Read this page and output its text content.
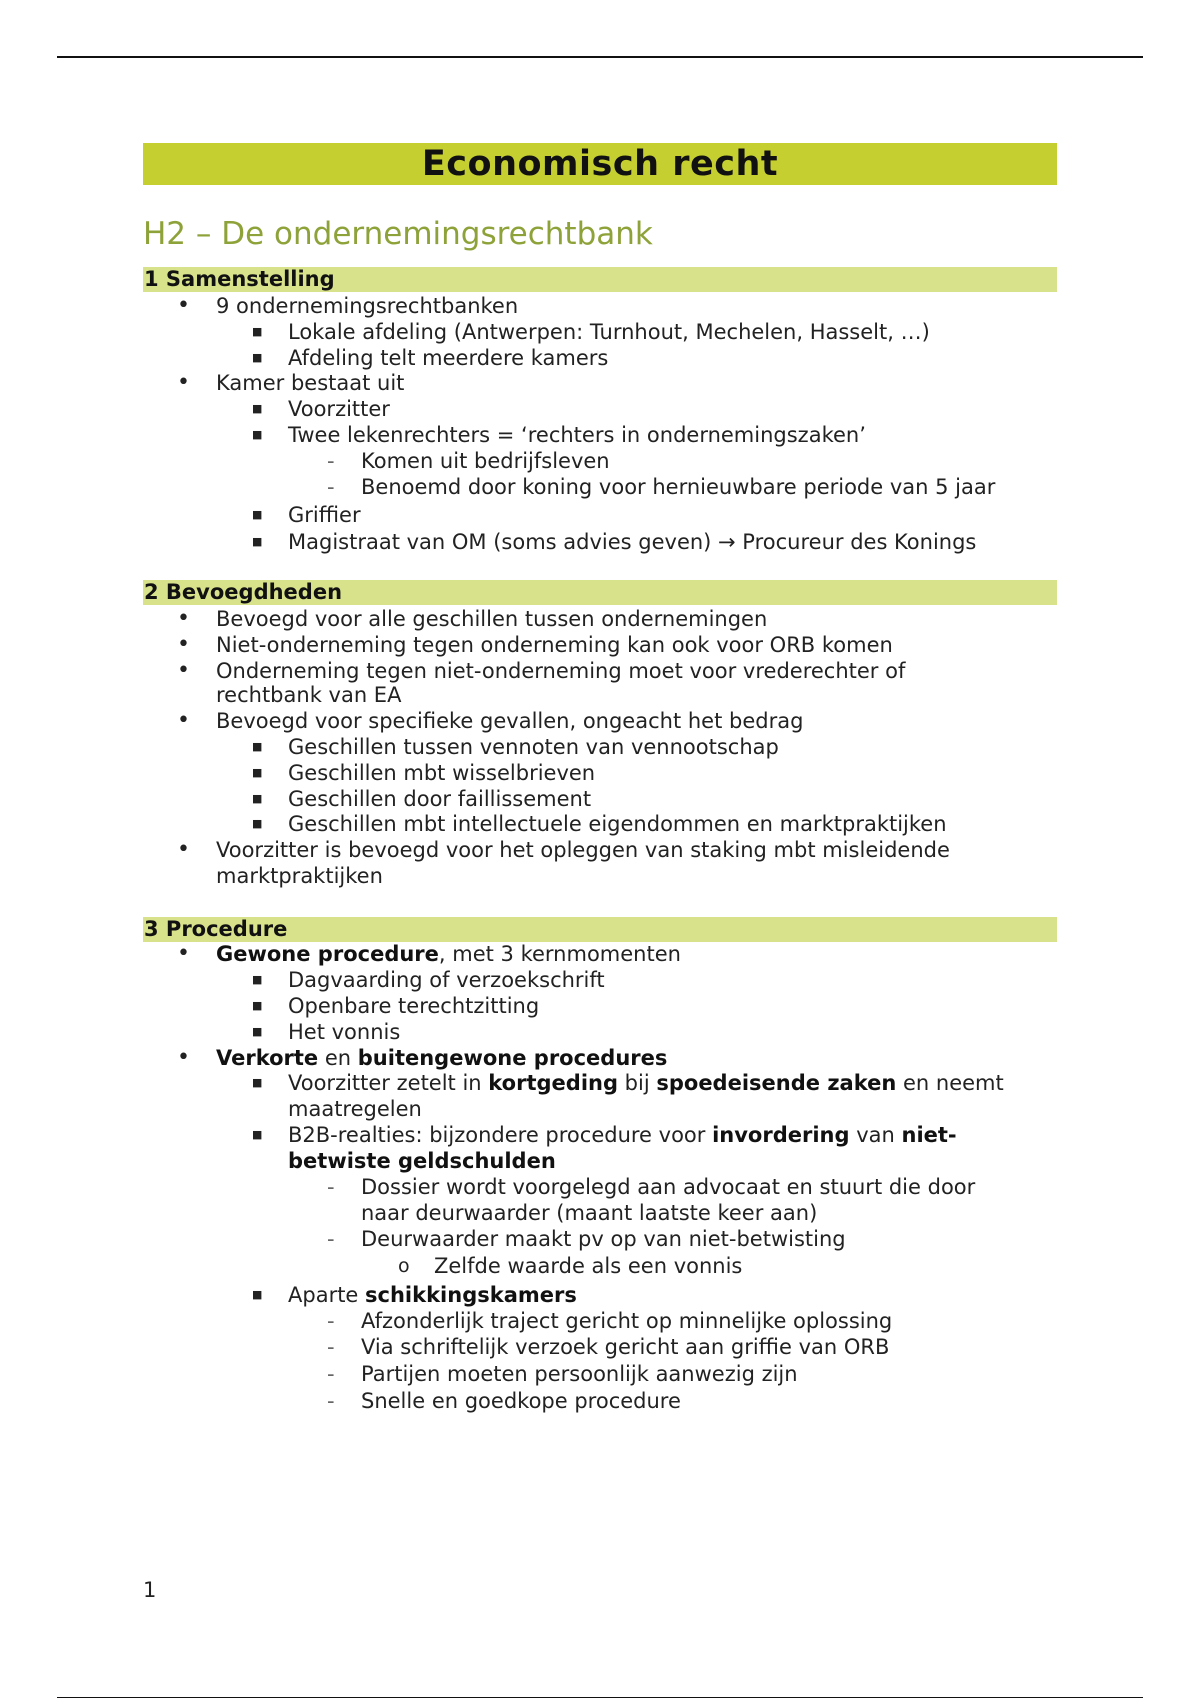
Economisch recht
H2 – De ondernemingsrechtbank
1 Samenstelling
• 9 ondernemingsrechtbanken
■ Lokale afdeling (Antwerpen: Turnhout, Mechelen, Hasselt, …)
■ Afdeling telt meerdere kamers
• Kamer bestaat uit
■ Voorzitter
■ Twee lekenrechters = ‘rechters in ondernemingszaken’
- Komen uit bedrijfsleven
- Benoemd door koning voor hernieuwbare periode van 5 jaar
■ Griffier
■ Magistraat van OM (soms advies geven) → Procureur des Konings
2 Bevoegdheden
• Bevoegd voor alle geschillen tussen ondernemingen
• Niet-onderneming tegen onderneming kan ook voor ORB komen
• Onderneming tegen niet-onderneming moet voor vrederechter of
rechtbank van EA
• Bevoegd voor specifieke gevallen, ongeacht het bedrag
■ Geschillen tussen vennoten van vennootschap
■ Geschillen mbt wisselbrieven
■ Geschillen door faillissement
■ Geschillen mbt intellectuele eigendommen en marktpraktijken
• Voorzitter is bevoegd voor het opleggen van staking mbt misleidende
marktpraktijken
3 Procedure
• Gewone procedure, met 3 kernmomenten
■ Dagvaarding of verzoekschrift
■ Openbare terechtzitting
■ Het vonnis
• Verkorte en buitengewone procedures
■ Voorzitter zetelt in kortgeding bij spoedeisende zaken en neemt
maatregelen
■ B2B-realties: bijzondere procedure voor invordering van niet-
betwiste geldschulden
- Dossier wordt voorgelegd aan advocaat en stuurt die door
naar deurwaarder (maant laatste keer aan)
- Deurwaarder maakt pv op van niet-betwisting
o Zelfde waarde als een vonnis
■ Aparte schikkingskamers
- Afzonderlijk traject gericht op minnelijke oplossing
- Via schriftelijk verzoek gericht aan griffie van ORB
- Partijen moeten persoonlijk aanwezig zijn
- Snelle en goedkope procedure
1
